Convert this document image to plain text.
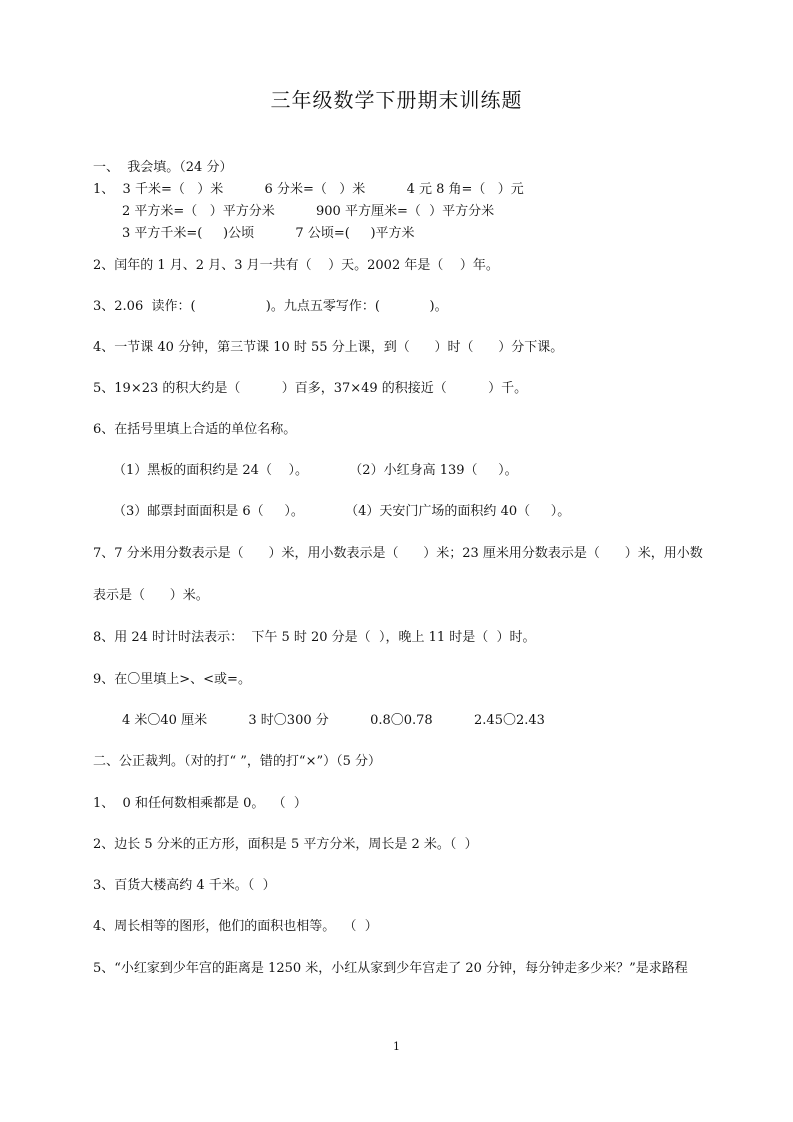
三年级数学下册期末训练题
一、  我会填。（24 分）
1、  3 千米=（   ）米          6 分米=（   ）米          4 元 8 角=（   ）元
2 平方米=（   ）平方分米          900 平方厘米=（  ）平方分米
3 平方千米=(     )公顷          7 公顷=(     )平方米
2、闰年的 1 月、2 月、3 月一共有（    ）天。2002 年是（    ）年。
3、2.06  读作：(                 )。九点五零写作：(            )。
4、一节课 40 分钟，第三节课 10 时 55 分上课，到（      ）时（      ）分下课。
5、19×23 的积大约是（          ）百多，37×49 的积接近（          ）千。
6、在括号里填上合适的单位名称。
（1）黑板的面积约是 24（    ）。          （2）小红身高 139（     ）。
（3）邮票封面面积是 6（     ）。          （4）天安门广场的面积约 40（     ）。
7、7 分米用分数表示是（      ）米，用小数表示是（      ）米；23 厘米用分数表示是（      ）米，用小数
表示是（      ）米。
8、用 24 时计时法表示：  下午 5 时 20 分是（  ），晚上 11 时是（  ）时。
9、在〇里填上>、<或=。
4 米〇40 厘米          3 时〇300 分          0.8〇0.78          2.45〇2.43
二、公正裁判。（对的打“ ”，错的打“×”）（5 分）
1、  0 和任何数相乘都是 0。  （  ）
2、边长 5 分米的正方形，面积是 5 平方分米，周长是 2 米。（  ）
3、百货大楼高约 4 千米。（  ）
4、周长相等的图形，他们的面积也相等。  （  ）
5、“小红家到少年宫的距离是 1250 米，小红从家到少年宫走了 20 分钟，每分钟走多少米？”是求路程
1
